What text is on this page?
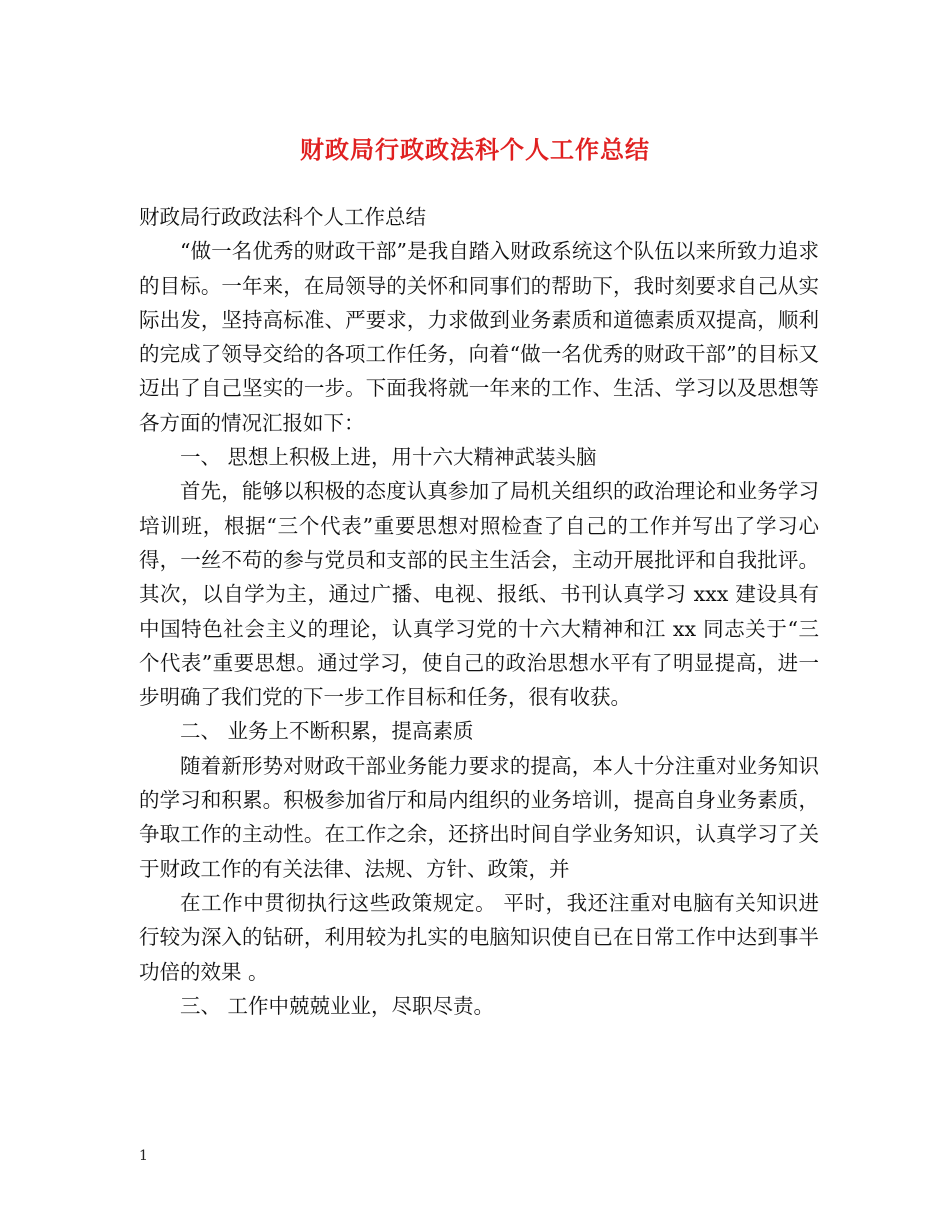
财政局行政政法科个人工作总结

财政局行政政法科个人工作总结

“做一名优秀的财政干部”是我自踏入财政系统这个队伍以来所致力追求的目标。一年来，在局领导的关怀和同事们的帮助下，我时刻要求自己从实际出发，坚持高标准、严要求，力求做到业务素质和道德素质双提高，顺利的完成了领导交给的各项工作任务，向着“做一名优秀的财政干部”的目标又迈出了自己坚实的一步。下面我将就一年来的工作、生活、学习以及思想等各方面的情况汇报如下：

一、 思想上积极上进，用十六大精神武装头脑

首先，能够以积极的态度认真参加了局机关组织的政治理论和业务学习培训班，根据“三个代表”重要思想对照检查了自己的工作并写出了学习心得，一丝不苟的参与党员和支部的民主生活会，主动开展批评和自我批评。 其次，以自学为主，通过广播、电视、报纸、书刊认真学习 xxx 建设具有中国特色社会主义的理论，认真学习党的十六大精神和江 xx 同志关于“三个代表”重要思想。通过学习，使自己的政治思想水平有了明显提高，进一步明确了我们党的下一步工作目标和任务，很有收获。

二、 业务上不断积累，提高素质

随着新形势对财政干部业务能力要求的提高，本人十分注重对业务知识的学习和积累。积极参加省厅和局内组织的业务培训，提高自身业务素质，争取工作的主动性。在工作之余，还挤出时间自学业务知识，认真学习了关于财政工作的有关法律、法规、方针、政策，并

在工作中贯彻执行这些政策规定。 平时，我还注重对电脑有关知识进行较为深入的钻研，利用较为扎实的电脑知识使自已在日常工作中达到事半功倍的效果 。

三、 工作中兢兢业业，尽职尽责。

1
